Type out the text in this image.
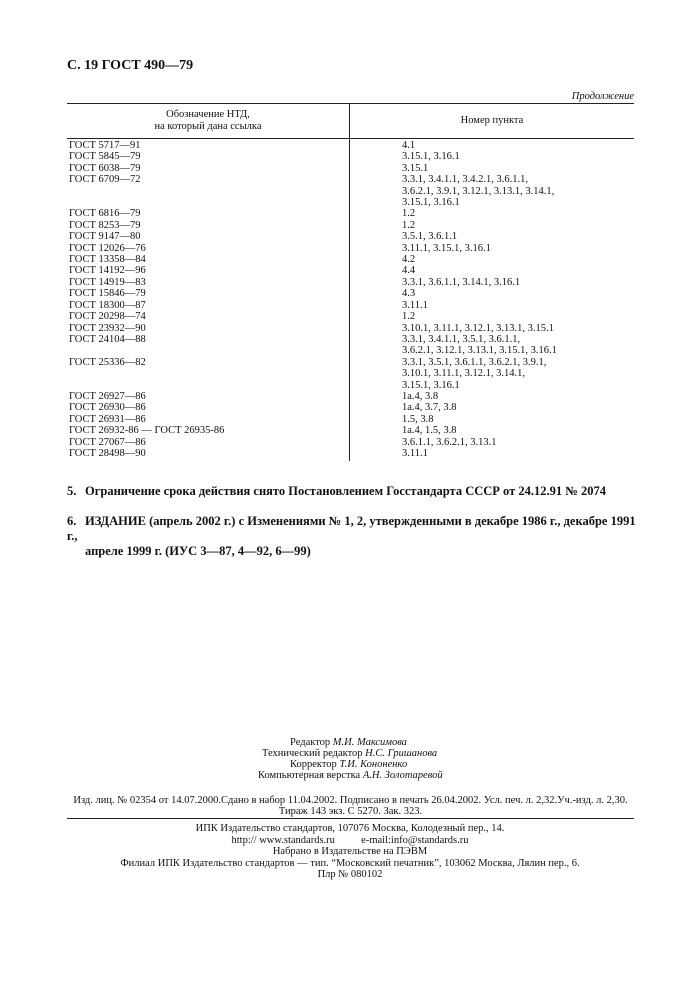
С. 19 ГОСТ 490—79
Продолжение
Обозначение НТД,
на который дана ссылка	Номер пункта
ГОСТ 5717—91	4.1

ГОСТ 5845—79	3.15.1, 3.16.1

ГОСТ 6038—79	3.15.1

ГОСТ 6709—72	3.3.1, 3.4.1.1, 3.4.2.1, 3.6.1.1,
3.6.2.1, 3.9.1, 3.12.1, 3.13.1, 3.14.1,
3.15.1, 3.16.1

ГОСТ 6816—79	1.2

ГОСТ 8253—79	1.2

ГОСТ 9147—80	3.5.1, 3.6.1.1

ГОСТ 12026—76	3.11.1, 3.15.1, 3.16.1

ГОСТ 13358—84	4.2

ГОСТ 14192—96	4.4

ГОСТ 14919—83	3.3.1, 3.6.1.1, 3.14.1, 3.16.1

ГОСТ 15846—79	4.3

ГОСТ 18300—87	3.11.1

ГОСТ 20298—74	1.2

ГОСТ 23932—90	3.10.1, 3.11.1, 3.12.1, 3.13.1, 3.15.1

ГОСТ 24104—88	3.3.1, 3.4.1.1, 3.5.1, 3.6.1.1,
3.6.2.1, 3.12.1, 3.13.1, 3.15.1, 3.16.1

ГОСТ 25336—82	3.3.1, 3.5.1, 3.6.1.1, 3.6.2.1, 3.9.1,
3.10.1, 3.11.1, 3.12.1, 3.14.1,
3.15.1, 3.16.1

ГОСТ 26927—86	1а.4, 3.8

ГОСТ 26930—86	1а.4, 3.7, 3.8

ГОСТ 26931—86	1.5, 3.8

ГОСТ 26932-86 — ГОСТ 26935-86	1а.4, 1.5, 3.8

ГОСТ 27067—86	3.6.1.1, 3.6.2.1, 3.13.1

ГОСТ 28498—90	3.11.1
5. Ограничение срока действия снято Постановлением Госстандарта СССР от 24.12.91 № 2074
6. ИЗДАНИЕ (апрель 2002 г.) с Изменениями № 1, 2, утвержденными в декабре 1986 г., декабре 1991 г.,
апреле 1999 г. (ИУС 3—87, 4—92, 6—99)
Редактор М.И. Максимова
Технический редактор Н.С. Гришанова
Корректор Т.И. Кононенко
Компьютерная верстка А.Н. Золотаревой
Изд. лиц. № 02354 от 14.07.2000.Сдано в набор 11.04.2002. Подписано в печать 26.04.2002. Усл. печ. л. 2,32.Уч.-изд. л. 2,30.
Тираж 143 экз. С 5270. Зак. 323.
ИПК Издательство стандартов, 107076 Москва, Колодезный пер., 14.
http:// www.standards.ru          e-mail:info@standards.ru
Набрано в Издательстве на ПЭВМ
Филиал ИПК Издательство стандартов — тип. “Московский печатник”, 103062 Москва, Лялин пер., 6.
Плр № 080102
